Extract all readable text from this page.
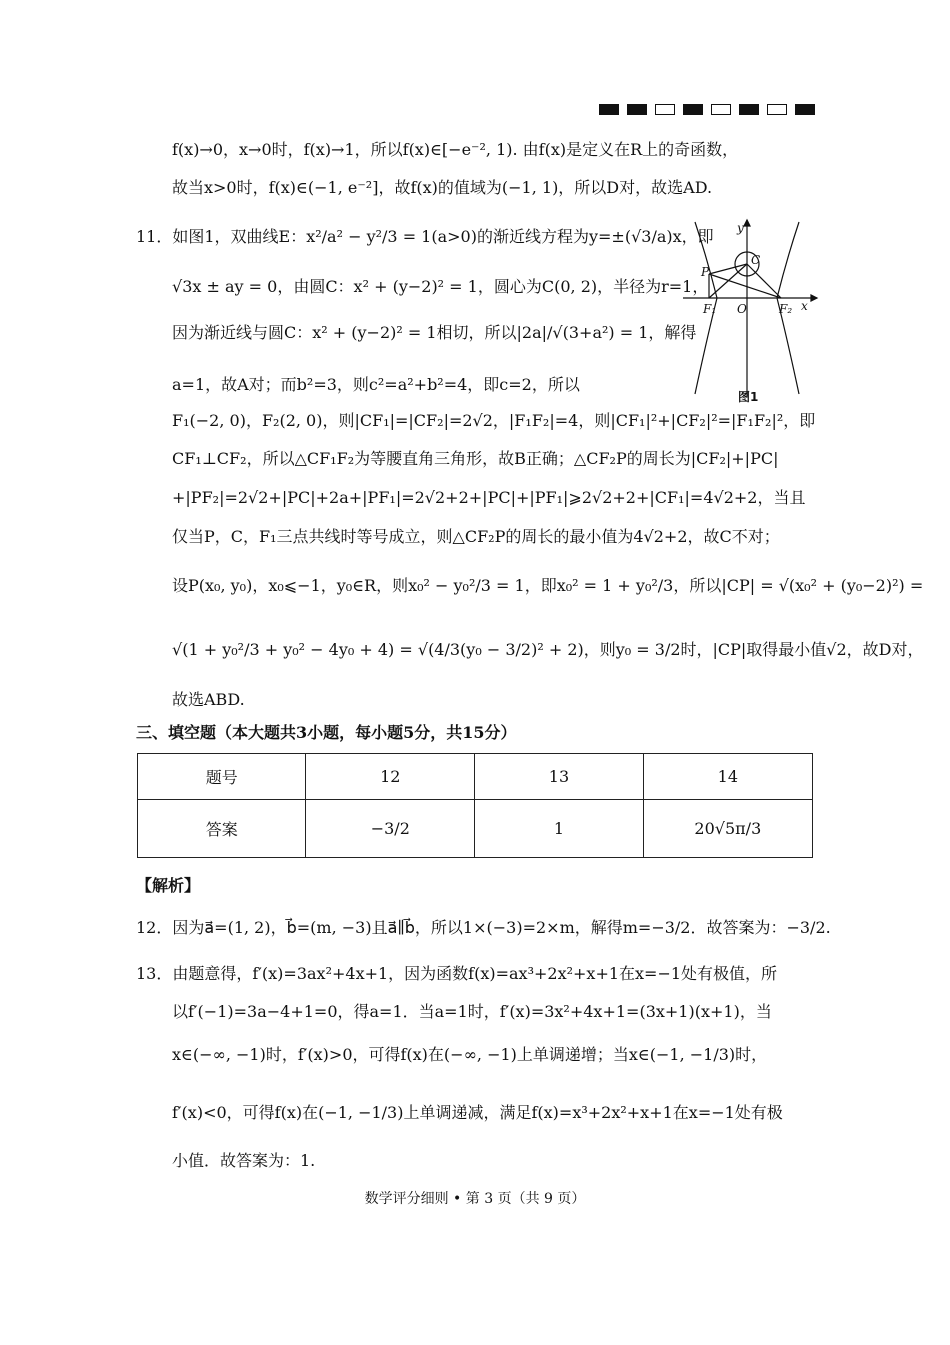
f(x)→0，x→0时，f(x)→1，所以f(x)∈[−e⁻², 1). 由f(x)是定义在R上的奇函数，
故当x>0时，f(x)∈(−1, e⁻²]，故f(x)的值域为(−1, 1)，所以D对，故选AD.
11．如图1，双曲线E：x²/a² − y²/3 = 1(a>0)的渐近线方程为y=±(√3/a)x，即
√3x ± ay = 0，由圆C：x² + (y−2)² = 1，圆心为C(0, 2)，半径为r=1，
因为渐近线与圆C：x² + (y−2)² = 1相切，所以|2a|/√(3+a²) = 1，解得
a=1，故A对；而b²=3，则c²=a²+b²=4，即c=2，所以
F₁(−2, 0)，F₂(2, 0)，则|CF₁|=|CF₂|=2√2，|F₁F₂|=4，则|CF₁|²+|CF₂|²=|F₁F₂|²，即
CF₁⊥CF₂，所以△CF₁F₂为等腰直角三角形，故B正确；△CF₂P的周长为|CF₂|+|PC|
+|PF₂|=2√2+|PC|+2a+|PF₁|=2√2+2+|PC|+|PF₁|⩾2√2+2+|CF₁|=4√2+2，当且
仅当P，C，F₁三点共线时等号成立，则△CF₂P的周长的最小值为4√2+2，故C不对；
设P(x₀, y₀)，x₀⩽−1，y₀∈R，则x₀² − y₀²/3 = 1，即x₀² = 1 + y₀²/3，所以|CP| = √(x₀² + (y₀−2)²) =
√(1 + y₀²/3 + y₀² − 4y₀ + 4) = √(4/3(y₀ − 3/2)² + 2)，则y₀ = 3/2时，|CP|取得最小值√2，故D对，
故选ABD.
y
x
C
P
F₁ O	F₂
图1
三、填空题（本大题共3小题，每小题5分，共15分）
题号	12	13	14
答案	−3/2	1	20√5π/3
【解析】
12．因为a⃗=(1, 2)，b⃗=(m, −3)且a⃗∥b⃗，所以1×(−3)=2×m，解得m=−3/2．故答案为：−3/2.
13．由题意得，f′(x)=3ax²+4x+1，因为函数f(x)=ax³+2x²+x+1在x=−1处有极值，所
以f′(−1)=3a−4+1=0，得a=1．当a=1时，f′(x)=3x²+4x+1=(3x+1)(x+1)，当
x∈(−∞, −1)时，f′(x)>0，可得f(x)在(−∞, −1)上单调递增；当x∈(−1, −1/3)时，
f′(x)<0，可得f(x)在(−1, −1/3)上单调递减，满足f(x)=x³+2x²+x+1在x=−1处有极
小值．故答案为：1.
数学评分细则 • 第 3 页（共 9 页）
